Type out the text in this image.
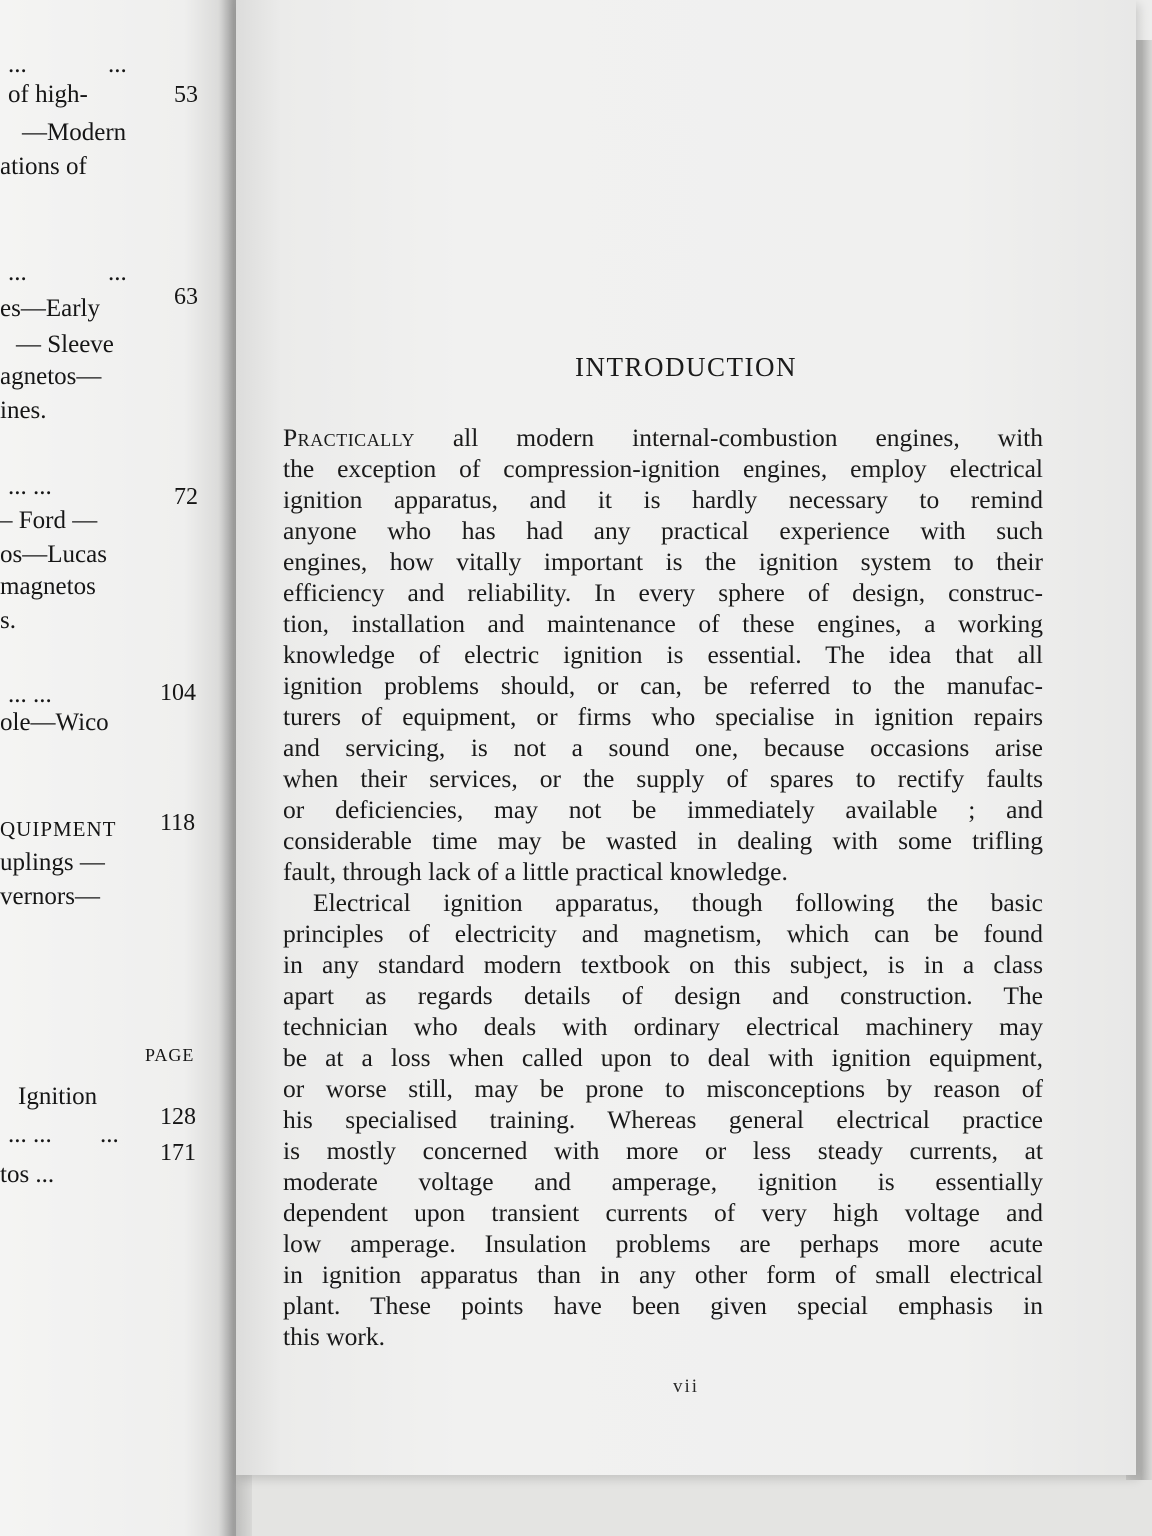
PAGE
...
of high-
—Modern
ations of
...
es—Early
— Sleeve
agnetos—
ines.
... ...
– Ford —
os—Lucas
magnetos
s.
... ...
ole—Wico
QUIPMENT
uplings —
vernors—
Ignition
... ...
tos ...
53
63
72
104
118
128
171
...
...
...
INTRODUCTION
Practically all modern internal-combustion engines, with
the exception of compression-ignition engines, employ electrical
ignition apparatus, and it is hardly necessary to remind
anyone who has had any practical experience with such
engines, how vitally important is the ignition system to their
efficiency and reliability. In every sphere of design, construc-
tion, installation and maintenance of these engines, a working
knowledge of electric ignition is essential. The idea that all
ignition problems should, or can, be referred to the manufac-
turers of equipment, or firms who specialise in ignition repairs
and servicing, is not a sound one, because occasions arise
when their services, or the supply of spares to rectify faults
or deficiencies, may not be immediately available ; and
considerable time may be wasted in dealing with some trifling
fault, through lack of a little practical knowledge.
Electrical ignition apparatus, though following the basic
principles of electricity and magnetism, which can be found
in any standard modern textbook on this subject, is in a class
apart as regards details of design and construction. The
technician who deals with ordinary electrical machinery may
be at a loss when called upon to deal with ignition equipment,
or worse still, may be prone to misconceptions by reason of
his specialised training. Whereas general electrical practice
is mostly concerned with more or less steady currents, at
moderate voltage and amperage, ignition is essentially
dependent upon transient currents of very high voltage and
low amperage. Insulation problems are perhaps more acute
in ignition apparatus than in any other form of small electrical
plant. These points have been given special emphasis in
this work.
vii
